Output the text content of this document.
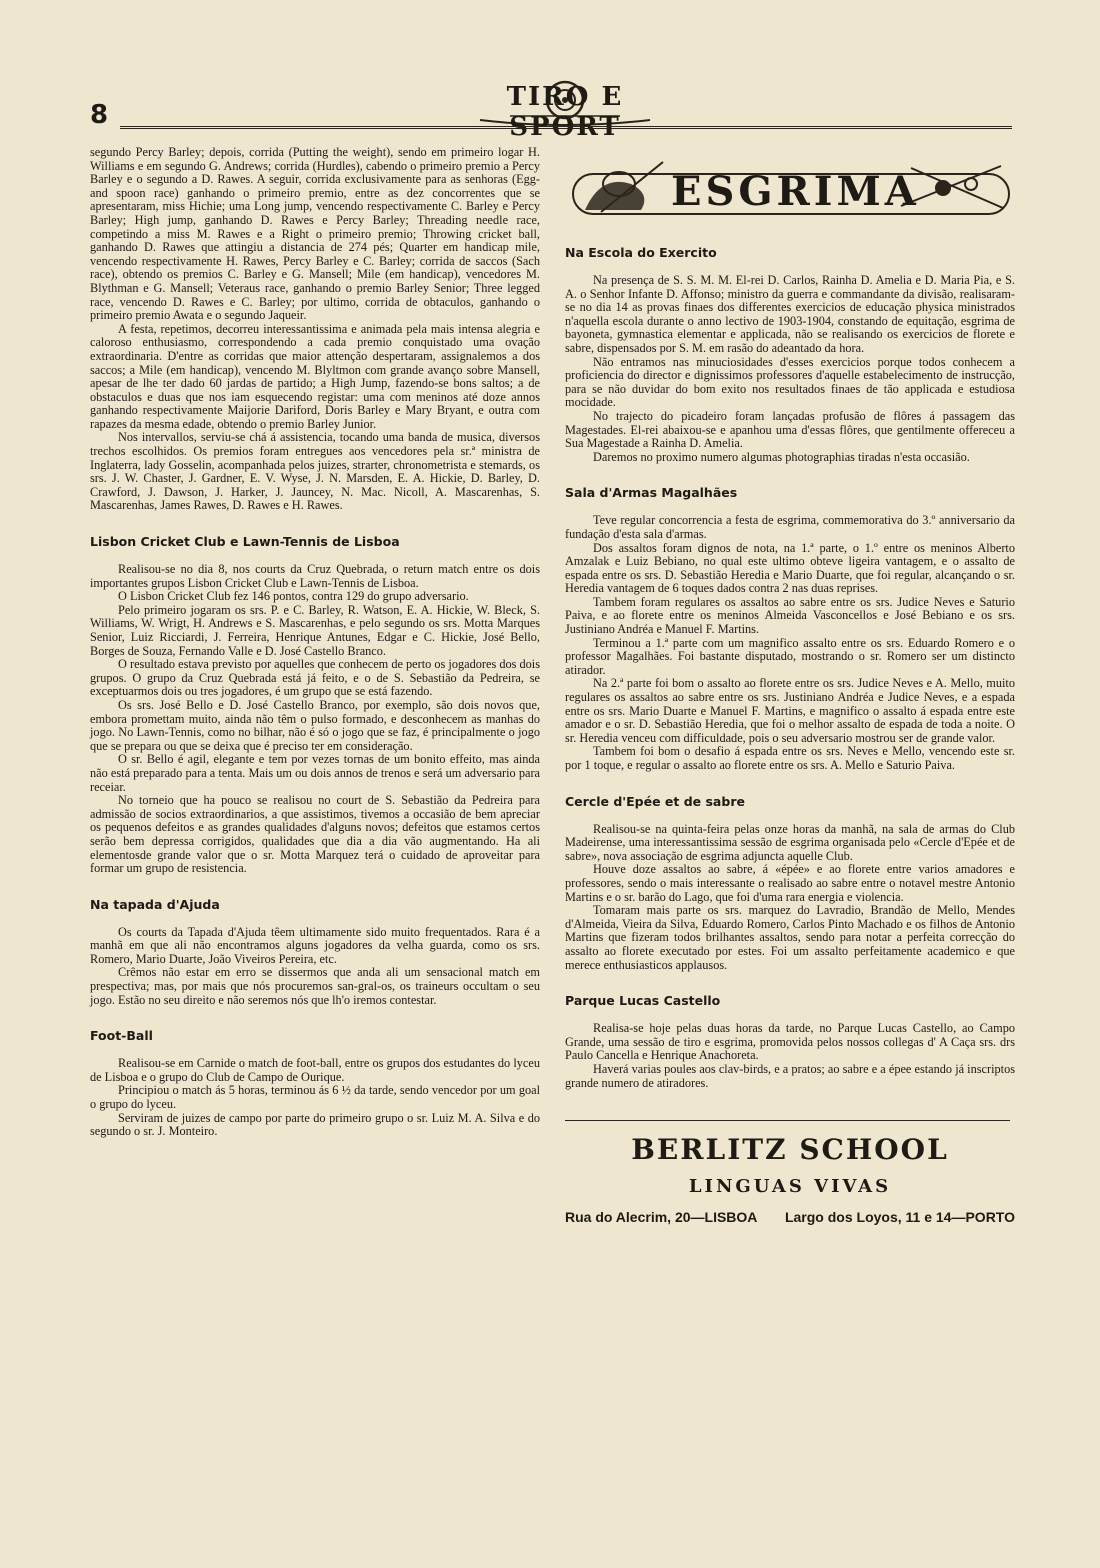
8
TIRO E SPORT

segundo Percy Barley; depois, corrida (Putting the weight), sendo em primeiro logar H. Williams e em segundo G. Andrews; corrida (Hurdles), cabendo o primeiro premio a Percy Barley e o segundo a D. Rawes. A seguir, corrida exclusivamente para as senhoras (Egg-and spoon race) ganhando o primeiro premio, entre as dez concorrentes que se apresentaram, miss Hichie; uma Long jump, vencendo respectivamente C. Barley e Percy Barley; High jump, ganhando D. Rawes e Percy Barley; Threading needle race, competindo a miss M. Rawes e a Right o primeiro premio; Throwing cricket ball, ganhando D. Rawes que attingiu a distancia de 274 pés; Quarter em handicap mile, vencendo respectivamente H. Rawes, Percy Barley e C. Barley; corrida de saccos (Sach race), obtendo os premios C. Barley e G. Mansell; Mile (em handicap), vencedores M. Blythman e G. Mansell; Veteraus race, ganhando o premio Barley Senior; Three legged race, vencendo D. Rawes e C. Barley; por ultimo, corrida de obtaculos, ganhando o primeiro premio Awata e o segundo Jaqueir.

A festa, repetimos, decorreu interessantissima e animada pela mais intensa alegria e caloroso enthusiasmo, correspondendo a cada premio conquistado uma ovação extraordinaria. D'entre as corridas que maior attenção despertaram, assignalemos a dos saccos; a Mile (em handicap), vencendo M. Blyltmon com grande avanço sobre Mansell, apesar de lhe ter dado 60 jardas de partido; a High Jump, fazendo-se bons saltos; a de obstaculos e duas que nos iam esquecendo registar: uma com meninos até doze annos ganhando respectivamente Maijorie Dariford, Doris Barley e Mary Bryant, e outra com rapazes da mesma edade, obtendo o premio Barley Junior.

Nos intervallos, serviu-se chá á assistencia, tocando uma banda de musica, diversos trechos escolhidos. Os premios foram entregues aos vencedores pela sr.ª ministra de Inglaterra, lady Gosselin, acompanhada pelos juizes, strarter, chronometrista e stemards, os srs. J. W. Chaster, J. Gardner, E. V. Wyse, J. N. Marsden, E. A. Hickie, D. Barley, D. Crawford, J. Dawson, J. Harker, J. Jauncey, N. Mac. Nicoll, A. Mascarenhas, S. Mascarenhas, James Rawes, D. Rawes e H. Rawes.

Lisbon Cricket Club e Lawn-Tennis de Lisboa

Realisou-se no dia 8, nos courts da Cruz Quebrada, o return match entre os dois importantes grupos Lisbon Cricket Club e Lawn-Tennis de Lisboa.

O Lisbon Cricket Club fez 146 pontos, contra 129 do grupo adversario.

Pelo primeiro jogaram os srs. P. e C. Barley, R. Watson, E. A. Hickie, W. Bleck, S. Williams, W. Wrigt, H. Andrews e S. Mascarenhas, e pelo segundo os srs. Motta Marques Senior, Luiz Ricciardi, J. Ferreira, Henrique Antunes, Edgar e C. Hickie, José Bello, Borges de Souza, Fernando Valle e D. José Castello Branco.

O resultado estava previsto por aquelles que conhecem de perto os jogadores dos dois grupos. O grupo da Cruz Quebrada está já feito, e o de S. Sebastião da Pedreira, se exceptuarmos dois ou tres jogadores, é um grupo que se está fazendo.

Os srs. José Bello e D. José Castello Branco, por exemplo, são dois novos que, embora promettam muito, ainda não têm o pulso formado, e desconhecem as manhas do jogo. No Lawn-Tennis, como no bilhar, não é só o jogo que se faz, é principalmente o jogo que se prepara ou que se deixa que é preciso ter em consideração.

O sr. Bello é agil, elegante e tem por vezes tornas de um bonito effeito, mas ainda não está preparado para a tenta. Mais um ou dois annos de trenos e será um adversario para receiar.

No torneio que ha pouco se realisou no court de S. Sebastião da Pedreira para admissão de socios extraordinarios, a que assistimos, tivemos a occasião de bem apreciar os pequenos defeitos e as grandes qualidades d'alguns novos; defeitos que estamos certos serão bem depressa corrigidos, qualidades que dia a dia vão augmentando. Ha ali elementosde grande valor que o sr. Motta Marquez terá o cuidado de aproveitar para formar um grupo de resistencia.

Na tapada d'Ajuda

Os courts da Tapada d'Ajuda têem ultimamente sido muito frequentados. Rara é a manhã em que ali não encontramos alguns jogadores da velha guarda, como os srs. Romero, Mario Duarte, João Viveiros Pereira, etc.

Crêmos não estar em erro se dissermos que anda ali um sensacional match em prespectiva; mas, por mais que nós procuremos san-gral-os, os traineurs occultam o seu jogo. Estão no seu direito e não seremos nós que lh'o iremos contestar.

Foot-Ball

Realisou-se em Carnide o match de foot-ball, entre os grupos dos estudantes do lyceu de Lisboa e o grupo do Club de Campo de Ourique.

Principiou o match ás 5 horas, terminou ás 6 ½ da tarde, sendo vencedor por um goal o grupo do lyceu.

Serviram de juizes de campo por parte do primeiro grupo o sr. Luiz M. A. Silva e do segundo o sr. J. Monteiro.

ESGRIMA
Na Escola do Exercito

Na presença de S. S. M. M. El-rei D. Carlos, Rainha D. Amelia e D. Maria Pia, e S. A. o Senhor Infante D. Affonso; ministro da guerra e commandante da divisão, realisaram-se no dia 14 as provas finaes dos differentes exercicios de educação physica ministrados n'aquella escola durante o anno lectivo de 1903-1904, constando de equitação, esgrima de bayoneta, gymnastica elementar e applicada, não se realisando os exercicios de florete e sabre, dispensados por S. M. em rasão do adeantado da hora.

Não entramos nas minuciosidades d'esses exercicios porque todos conhecem a proficiencia do director e dignissimos professores d'aquelle estabelecimento de instrucção, para se não duvidar do bom exito nos resultados finaes de tão applicada e estudiosa mocidade.

No trajecto do picadeiro foram lançadas profusão de flôres á passagem das Magestades. El-rei abaixou-se e apanhou uma d'essas flôres, que gentilmente offereceu a Sua Magestade a Rainha D. Amelia.

Daremos no proximo numero algumas photographias tiradas n'esta occasião.

Sala d'Armas Magalhães

Teve regular concorrencia a festa de esgrima, commemorativa do 3.º anniversario da fundação d'esta sala d'armas.

Dos assaltos foram dignos de nota, na 1.ª parte, o 1.º entre os meninos Alberto Amzalak e Luiz Bebiano, no qual este ultimo obteve ligeira vantagem, e o assalto de espada entre os srs. D. Sebastião Heredia e Mario Duarte, que foi regular, alcançando o sr. Heredia vantagem de 6 toques dados contra 2 nas duas reprises.

Tambem foram regulares os assaltos ao sabre entre os srs. Judice Neves e Saturio Paiva, e ao florete entre os meninos Almeida Vasconcellos e José Bebiano e os srs. Justiniano Andréa e Manuel F. Martins.

Terminou a 1.ª parte com um magnifico assalto entre os srs. Eduardo Romero e o professor Magalhães. Foi bastante disputado, mostrando o sr. Romero ser um distincto atirador.

Na 2.ª parte foi bom o assalto ao florete entre os srs. Judice Neves e A. Mello, muito regulares os assaltos ao sabre entre os srs. Justiniano Andréa e Judice Neves, e a espada entre os srs. Mario Duarte e Manuel F. Martins, e magnifico o assalto á espada entre este amador e o sr. D. Sebastião Heredia, que foi o melhor assalto de espada de toda a noite. O sr. Heredia venceu com difficuldade, pois o seu adversario mostrou ser de grande valor.

Tambem foi bom o desafio á espada entre os srs. Neves e Mello, vencendo este sr. por 1 toque, e regular o assalto ao florete entre os srs. A. Mello e Saturio Paiva.

Cercle d'Epée et de sabre

Realisou-se na quinta-feira pelas onze horas da manhã, na sala de armas do Club Madeirense, uma interessantissima sessão de esgrima organisada pelo «Cercle d'Epée et de sabre», nova associação de esgrima adjuncta aquelle Club.

Houve doze assaltos ao sabre, á «épée» e ao florete entre varios amadores e professores, sendo o mais interessante o realisado ao sabre entre o notavel mestre Antonio Martins e o sr. barão do Lago, que foi d'uma rara energia e violencia.

Tomaram mais parte os srs. marquez do Lavradio, Brandão de Mello, Mendes d'Almeida, Vieira da Silva, Eduardo Romero, Carlos Pinto Machado e os filhos de Antonio Martins que fizeram todos brilhantes assaltos, sendo para notar a perfeita correcção do assalto ao florete executado por estes. Foi um assalto perfeitamente academico e que merece enthusiasticos applausos.

Parque Lucas Castello

Realisa-se hoje pelas duas horas da tarde, no Parque Lucas Castello, ao Campo Grande, uma sessão de tiro e esgrima, promovida pelos nossos collegas d' A Caça srs. drs Paulo Cancella e Henrique Anachoreta.

Haverá varias poules aos clav-birds, e a pratos; ao sabre e a épee estando já inscriptos grande numero de atiradores.

BERLITZ SCHOOL
LINGUAS VIVAS
Rua do Alecrim, 20—LISBOA Largo dos Loyos, 11 e 14—PORTO
